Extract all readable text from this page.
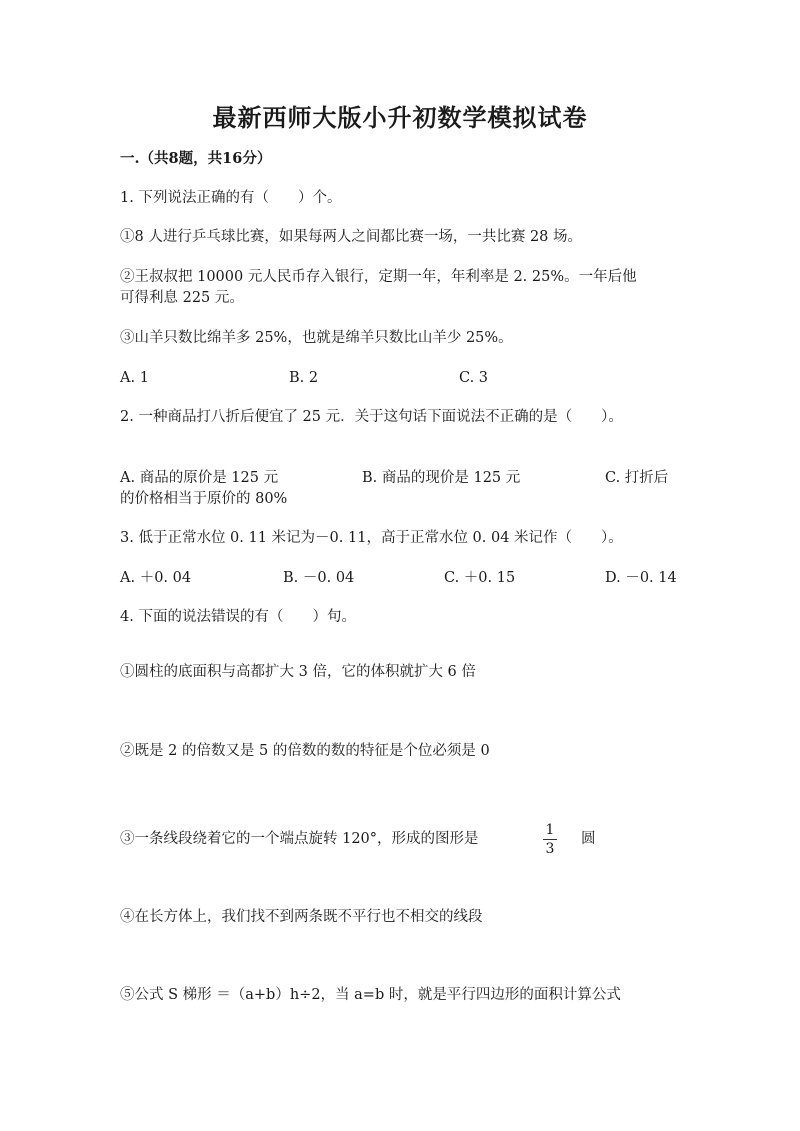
最新西师大版小升初数学模拟试卷
一.（共8题，共16分）
1. 下列说法正确的有（　　）个。
①8 人进行乒乓球比赛，如果每两人之间都比赛一场，一共比赛 28 场。
②王叔叔把 10000 元人民币存入银行，定期一年，年利率是 2. 25%。一年后他
可得利息 225 元。
③山羊只数比绵羊多 25%，也就是绵羊只数比山羊少 25%。
A. 1	B. 2	C. 3
2. 一种商品打八折后便宜了 25 元．关于这句话下面说法不正确的是（　　）。
A. 商品的原价是 125 元	B. 商品的现价是 125 元	C. 打折后
的价格相当于原价的 80%
3. 低于正常水位 0. 11 米记为－0. 11，高于正常水位 0. 04 米记作（　　）。
A. ＋0. 04	B. －0. 04	C. ＋0. 15	D. －0. 14
4. 下面的说法错误的有（　　）句。
①圆柱的底面积与高都扩大 3 倍，它的体积就扩大 6 倍
②既是 2 的倍数又是 5 的倍数的数的特征是个位必须是 0
③一条线段绕着它的一个端点旋转 120°，形成的图形是
1
3
圆
④在长方体上，我们找不到两条既不平行也不相交的线段
⑤公式 S 梯形 ＝（a+b）h÷2，当 a=b 时，就是平行四边形的面积计算公式
